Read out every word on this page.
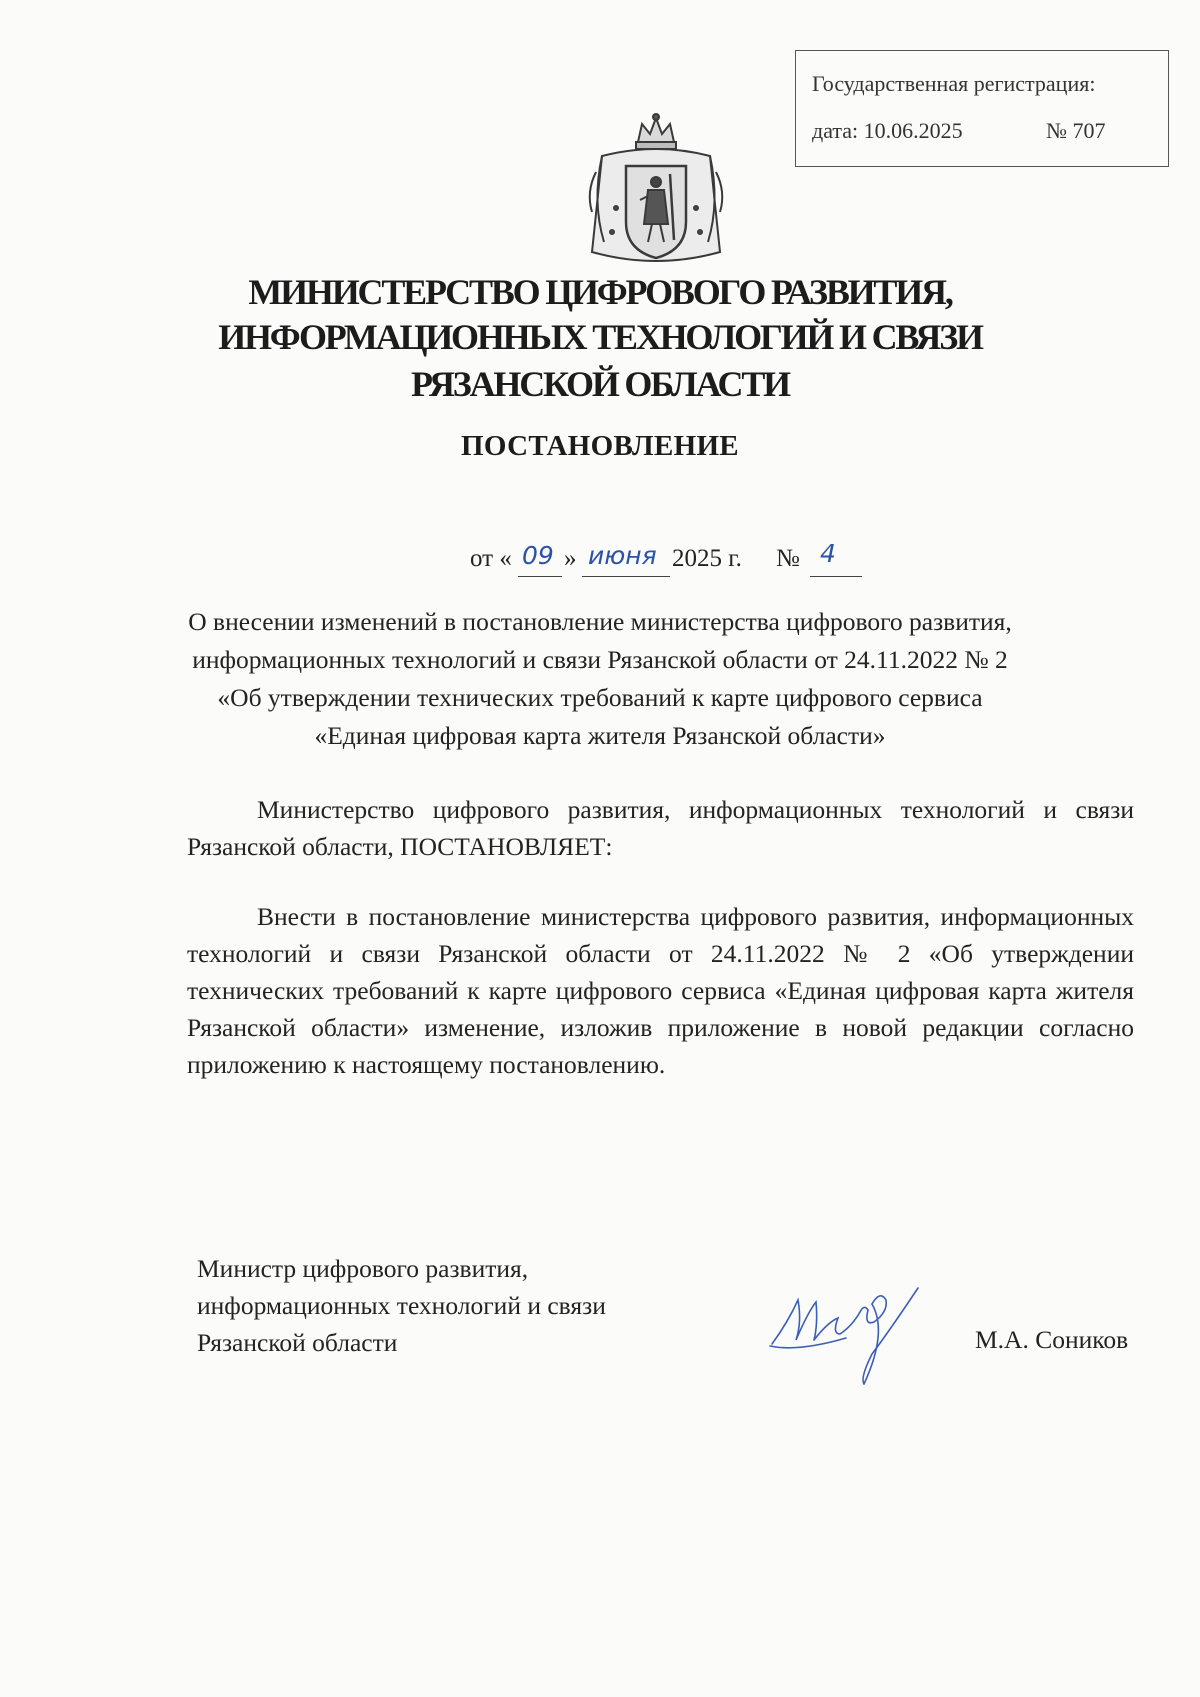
Государственная регистрация:
дата: 10.06.2025	№ 707
МИНИСТЕРСТВО ЦИФРОВОГО РАЗВИТИЯ,
ИНФОРМАЦИОННЫХ ТЕХНОЛОГИЙ И СВЯЗИ
РЯЗАНСКОЙ ОБЛАСТИ
ПОСТАНОВЛЕНИЕ
от « 09 » июня 2025 г. № 4
О внесении изменений в постановление министерства цифрового развития,
информационных технологий и связи Рязанской области от 24.11.2022 № 2
«Об утверждении технических требований к карте цифрового сервиса
«Единая цифровая карта жителя Рязанской области»

Министерство цифрового развития, информационных технологий и связи Рязанской области, ПОСТАНОВЛЯЕТ:

Внести в постановление министерства цифрового развития, информационных технологий и связи Рязанской области от 24.11.2022 № 2 «Об утверждении технических требований к карте цифрового сервиса «Единая цифровая карта жителя Рязанской области» изменение, изложив приложение в новой редакции согласно приложению к настоящему постановлению.

Министр цифрового развития,
информационных технологий и связи
Рязанской области	М.А. Соников
